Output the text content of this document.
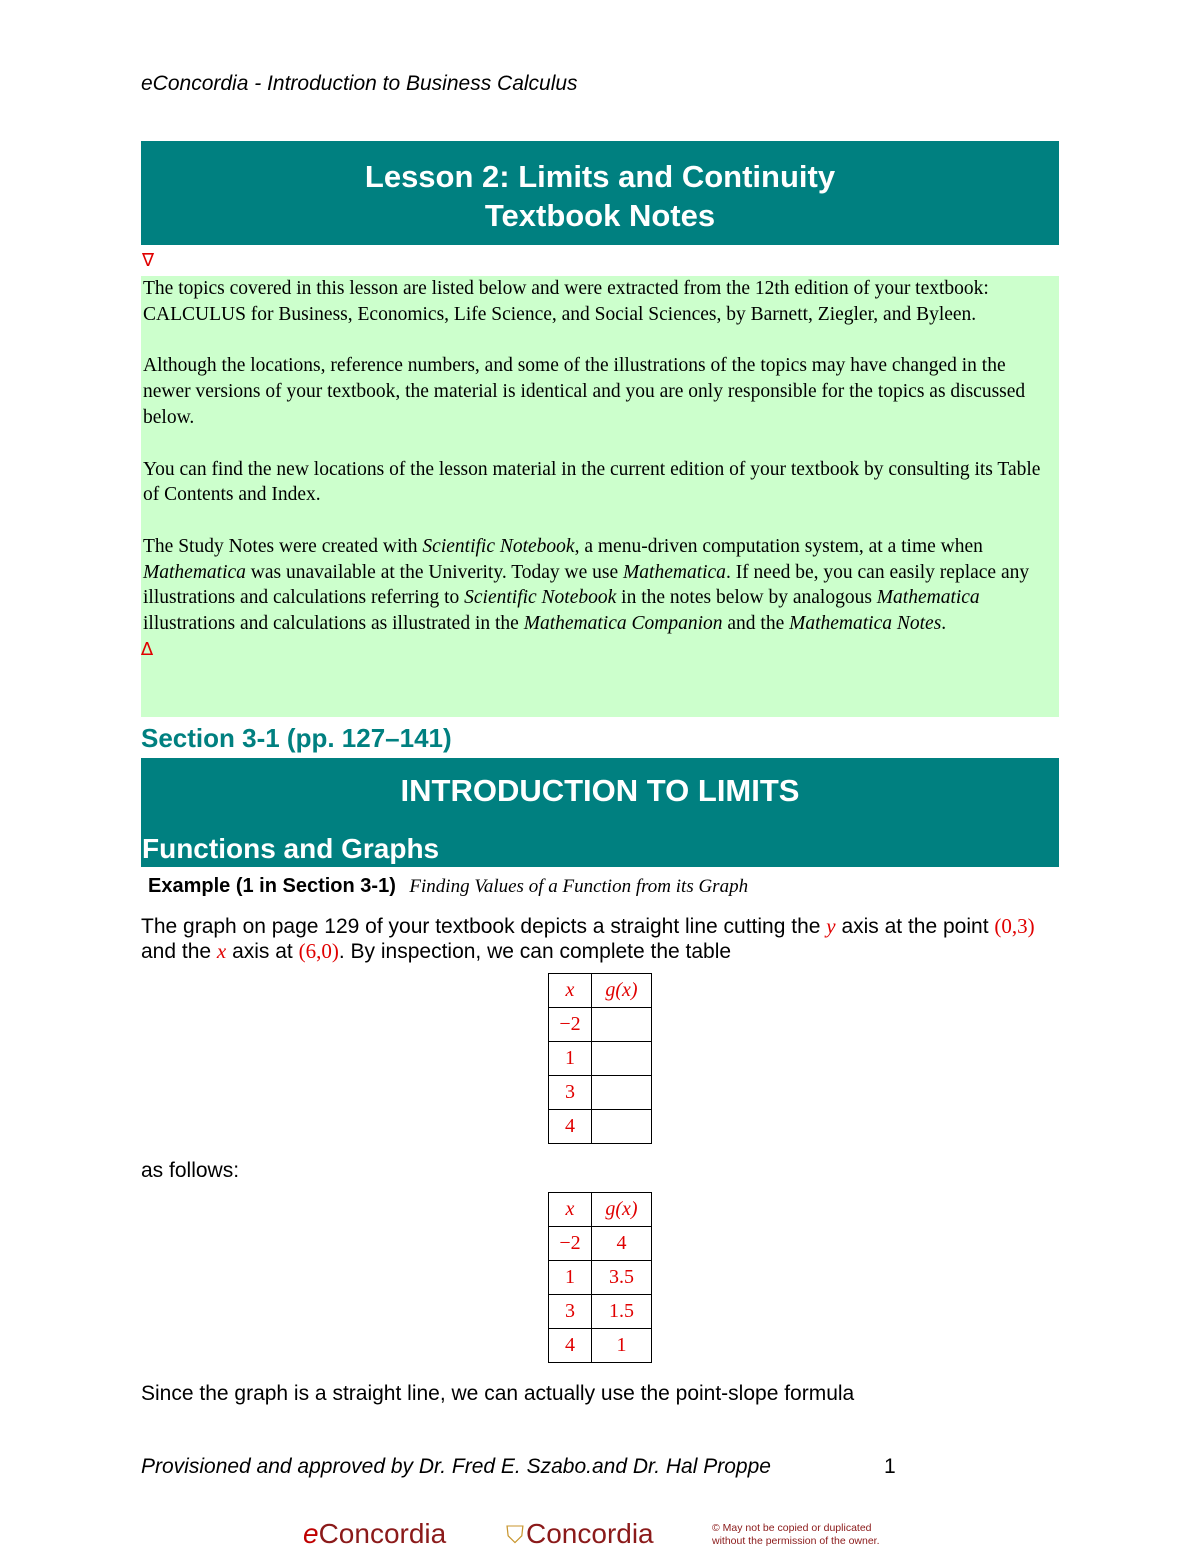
eConcordia - Introduction to Business Calculus
Lesson 2: Limits and Continuity
Textbook Notes
∇

The topics covered in this lesson are listed below and were extracted from the 12th edition of your textbook: CALCULUS for Business, Economics, Life Science, and Social Sciences, by Barnett, Ziegler, and Byleen.

Although the locations, reference numbers, and some of the illustrations of the topics may have changed in the newer versions of your textbook, the material is identical and you are only responsible for the topics as discussed below.

You can find the new locations of the lesson material in the current edition of your textbook by consulting its Table of Contents and Index.

The Study Notes were created with Scientific Notebook, a menu-driven computation system, at a time when Mathematica was unavailable at the Univerity. Today we use Mathematica. If need be, you can easily replace any illustrations and calculations referring to Scientific Notebook in the notes below by analogous Mathematica illustrations and calculations as illustrated in the Mathematica Companion and the Mathematica Notes.

∆
Section 3-1 (pp. 127–141)
INTRODUCTION TO LIMITS
Functions and Graphs
Example (1 in Section 3-1) Finding Values of a Function from its Graph
The graph on page 129 of your textbook depicts a straight line cutting the y axis at the point (0,3) and the x axis at (6,0). By inspection, we can complete the table
x	g(x)
−2	
1	
3	
4	
as follows:
x	g(x)
−2	4
1	3.5
3	1.5
4	1
Since the graph is a straight line, we can actually use the point-slope formula
Provisioned and approved by Dr. Fred E. Szabo.and Dr. Hal Proppe	1
eConcordia ⛉Concordia	© May not be copied or duplicated
without the permission of the owner.
